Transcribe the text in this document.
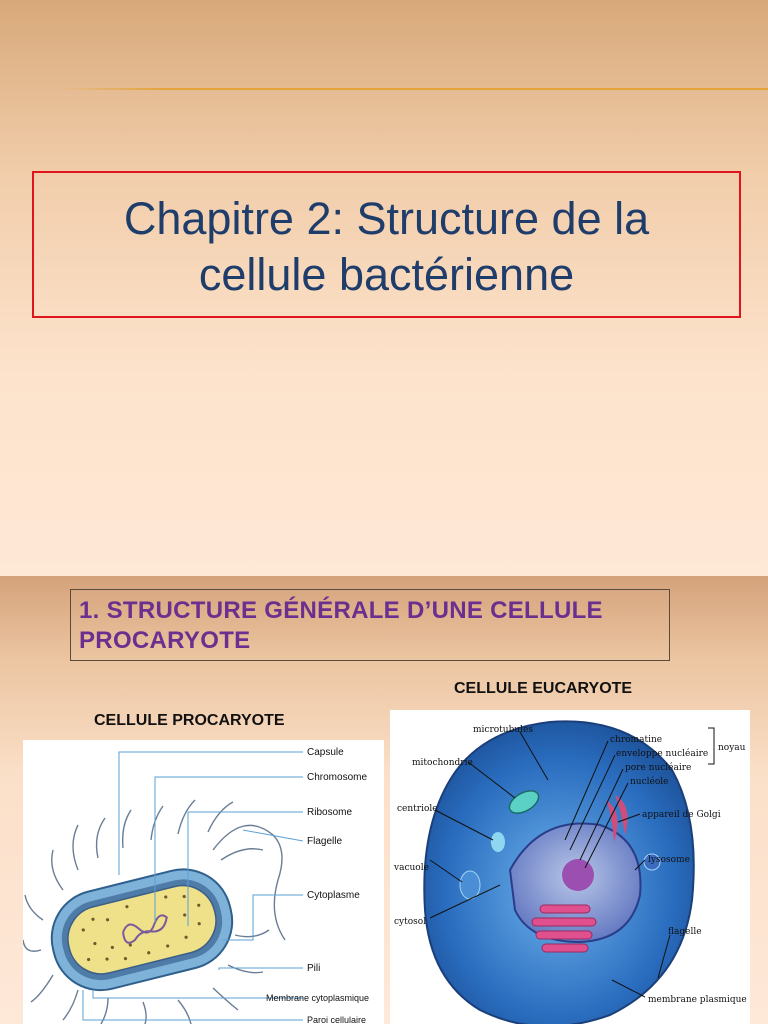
Chapitre 2: Structure de la
cellule bactérienne
1. STRUCTURE GÉNÉRALE D’UNE CELLULE
PROCARYOTE
CELLULE EUCARYOTE
CELLULE PROCARYOTE
Capsule
Chromosome
Ribosome
Flagelle
Cytoplasme
Pili
Membrane cytoplasmique
Paroi cellulaire
microtubules
mitochondrie
centriole
vacuole
cytosol
chromatine
enveloppe nucléaire
pore nucléaire
nucléole
noyau
appareil de Golgi
lysosome
flagelle
membrane plasmique
